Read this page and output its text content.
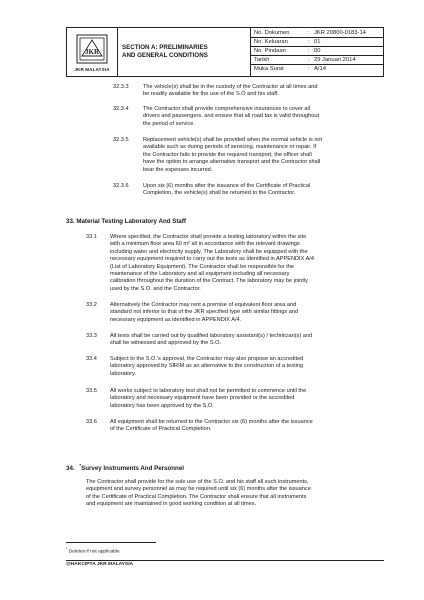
JKR
JKR MALAYSIA
SECTION A: PRELIMINARIES
AND GENERAL CONDITIONS
No. Dokumen	: JKR 20800-0183-14
No. Keluaran	: 01
No. Pindaan	: 00
Tarikh	: 29 Januari 2014
Muka Surat	: A/14
32.3.3	The vehicle(s) shall be in the custody of the Contractor at all times and
be readily available for the use of the S.O and his staff.
32.3.4	The Contractor shall provide comprehensive insurances to cover all
drivers and passengers, and ensure that all road tax is valid throughout
the period of service.
32.3.5	Replacement vehicle(s) shall be provided when the normal vehicle is not
available such as during periods of servicing, maintenance or repair. If
the Contractor fails to provide the required transport, the officer shall
have the option to arrange alternative transport and the Contractor shall
bear the expenses incurred.
32.3.6	Upon six (6) months after the issuance of the Certificate of Practical
Completion, the vehicle(s) shall be returned to the Contractor.
33. Material Testing Laboratory And Staff
33.1 Where specified, the Contractor shall provide a testing laboratory within the site
with a minimum floor area 60 m² all in accordance with the relevant drawings
including water and electricity supply. The Laboratory shall be equipped with the
necessary equipment required to carry out the tests as identified in APPENDIX A/4
(List of Laboratory Equipment). The Contractor shall be responsible for the
maintenance of the Laboratory and all equipment including all necessary
calibration throughout the duration of the Contract. The laboratory may be jointly
used by the S.O. and the Contractor.
33.2 Alternatively the Contractor may rent a premise of equivalent floor area and
standard not inferior to that of the JKR specified type with similar fittings and
necessary equipment as identified in APPENDIX A/4.
33.3 All tests shall be carried out by qualified laboratory assistant(s) / technician(s) and
shall be witnessed and approved by the S.O.
33.4 Subject to the S.O.'s approval, the Contractor may also propose an accredited
laboratory approved by SIRIM as an alternative to the construction of a testing
laboratory.
33.5 All works subject to laboratory test shall not be permitted to commence until the
laboratory and necessary equipment have been provided or the accredited
laboratory has been approved by the S.O.
33.6 All equipment shall be returned to the Contractor six (6) months after the issuance
of the Certificate of Practical Completion.
34. *Survey Instruments And Personnel
The Contractor shall provide for the sole use of the S.O. and his staff all such instruments,
equipment and survey personnel as may be required until six (6) months after the issuance
of the Certificate of Practical Completion. The Contractor shall ensure that all instruments
and equipment are maintained in good working condition at all times.
* Deletes if not applicable
@HAKCIPTA JKR MALAYSIA
